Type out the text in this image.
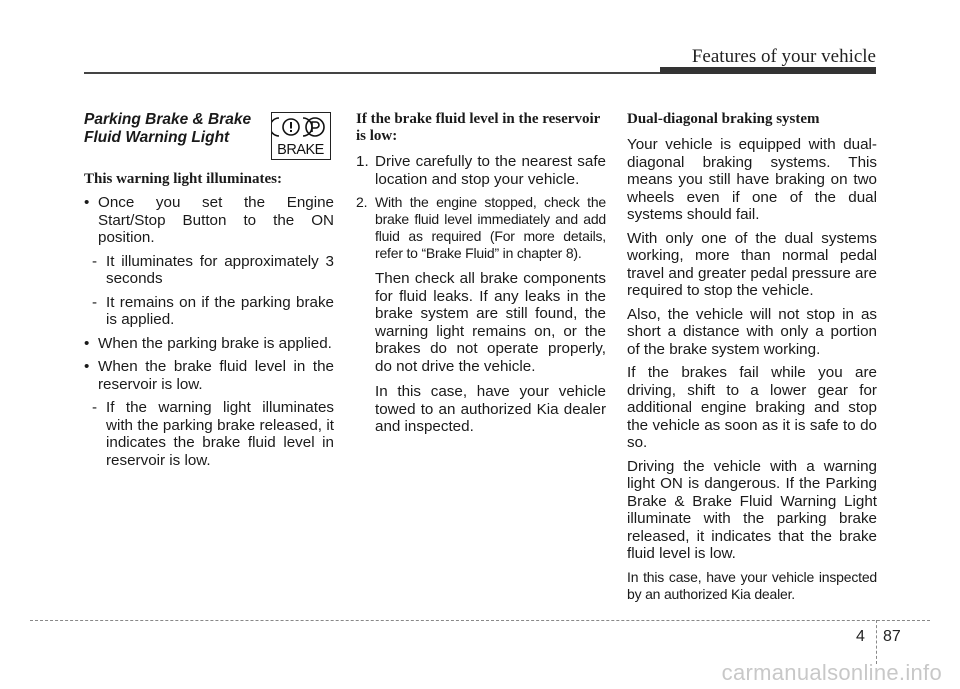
Features of your vehicle
BRAKE
Parking Brake & Brake
Fluid Warning Light
This warning light illuminates:
• Once you set the Engine Start/Stop Button to the ON position.
- It illuminates for approximately 3 seconds
- It remains on if the parking brake is applied.
• When the parking brake is applied.
• When the brake fluid level in the reservoir is low.
- If the warning light illuminates with the parking brake released, it indicates the brake fluid level in reservoir is low.
If the brake fluid level in the reservoir is low:
1. Drive carefully to the nearest safe location and stop your vehicle.
2. With the engine stopped, check the brake fluid level immediately and add fluid as required (For more details, refer to “Brake Fluid” in chapter 8).

Then check all brake components for fluid leaks. If any leaks in the brake system are still found, the warning light remains on, or the brakes do not operate properly, do not drive the vehicle.

In this case, have your vehicle towed to an authorized Kia dealer and inspected.

Dual-diagonal braking system

Your vehicle is equipped with dual-diagonal braking systems. This means you still have braking on two wheels even if one of the dual systems should fail.

With only one of the dual systems working, more than normal pedal travel and greater pedal pressure are required to stop the vehicle.

Also, the vehicle will not stop in as short a distance with only a portion of the brake system working.

If the brakes fail while you are driving, shift to a lower gear for additional engine braking and stop the vehicle as soon as it is safe to do so.

Driving the vehicle with a warning light ON is dangerous. If the Parking Brake & Brake Fluid Warning Light illuminate with the parking brake released, it indicates that the brake fluid level is low.

In this case, have your vehicle inspected by an authorized Kia dealer.

4 87
carmanualsonline.info
